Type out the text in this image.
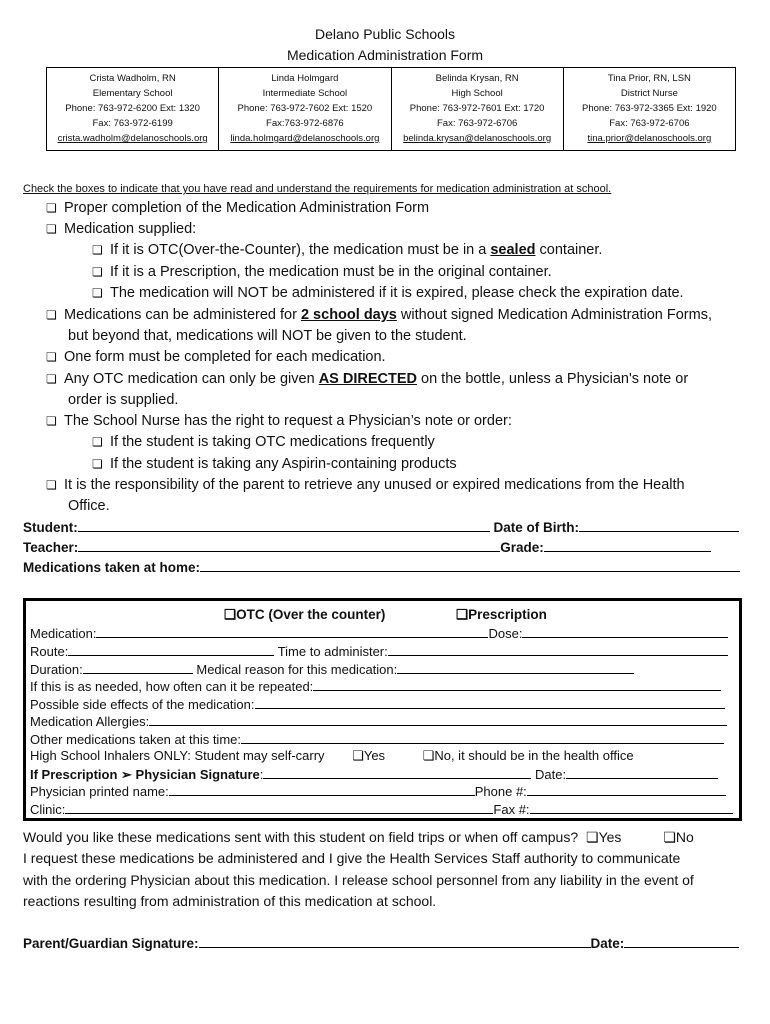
Delano Public Schools
Medication Administration Form
Crista Wadholm, RN
Elementary School
Phone: 763-972-6200 Ext: 1320
Fax: 763-972-6199
crista.wadholm@delanoschools.org

Linda Holmgard
Intermediate School
Phone: 763-972-7602 Ext: 1520
Fax:763-972-6876
linda.holmgard@delanoschools.org

Belinda Krysan, RN
High School
Phone: 763-972-7601 Ext: 1720
Fax: 763-972-6706
belinda.krysan@delanoschools.org

Tina Prior, RN, LSN
District Nurse
Phone: 763-972-3365 Ext: 1920
Fax: 763-972-6706
tina.prior@delanoschools.org
Check the boxes to indicate that you have read and understand the requirements for medication administration at school.
❏ Proper completion of the Medication Administration Form
❏ Medication supplied:
❏ If it is OTC(Over-the-Counter), the medication must be in a sealed container.
❏ If it is a Prescription, the medication must be in the original container.
❏ The medication will NOT be administered if it is expired, please check the expiration date.
❏ Medications can be administered for 2 school days without signed Medication Administration Forms,
but beyond that, medications will NOT be given to the student.
❏ One form must be completed for each medication.
❏ Any OTC medication can only be given AS DIRECTED on the bottle, unless a Physician's note or
order is supplied.
❏ The School Nurse has the right to request a Physician’s note or order:
❏ If the student is taking OTC medications frequently
❏ If the student is taking any Aspirin-containing products
❏ It is the responsibility of the parent to retrieve any unused or expired medications from the Health
Office.
Student:	Date of Birth:
Teacher:	Grade:
Medications taken at home:
❏OTC (Over the counter)	❏Prescription
Medication:	Dose:
Route:	Time to administer:
Duration:	Medical reason for this medication:
If this is as needed, how often can it be repeated:
Possible side effects of the medication:
Medication Allergies:
Other medications taken at this time:
High School Inhalers ONLY: Student may self-carry ❏Yes	❏No, it should be in the health office
If Prescription ➢ Physician Signature:	Date:
Physician printed name:	Phone #:
Clinic:	Fax #:
Would you like these medications sent with this student on field trips or when off campus? ❏Yes	❏No
I request these medications be administered and I give the Health Services Staff authority to communicate
with the ordering Physician about this medication. I release school personnel from any liability in the event of
reactions resulting from administration of this medication at school.
Parent/Guardian Signature:	Date:
